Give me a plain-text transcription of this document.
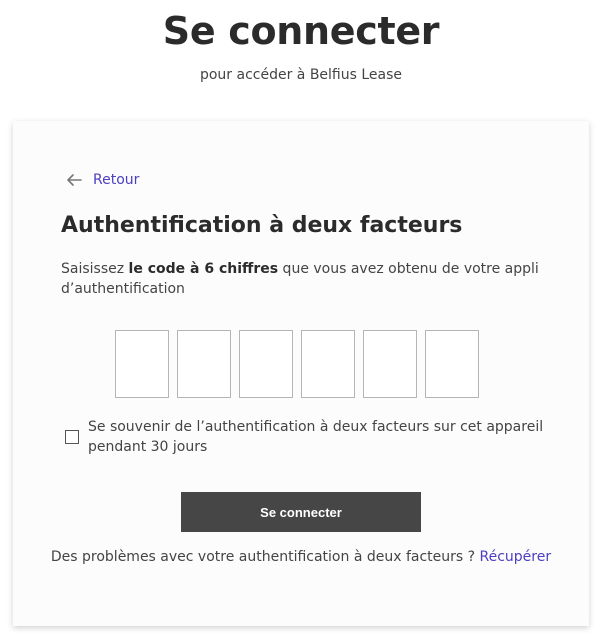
Se connecter
pour accéder à Belfius Lease
Retour
Authentification à deux facteurs
Saisissez le code à 6 chiffres que vous avez obtenu de votre appli d’authentification
Se souvenir de l’authentification à deux facteurs sur cet appareil pendant 30 jours
Se connecter
Des problèmes avec votre authentification à deux facteurs ? Récupérer
